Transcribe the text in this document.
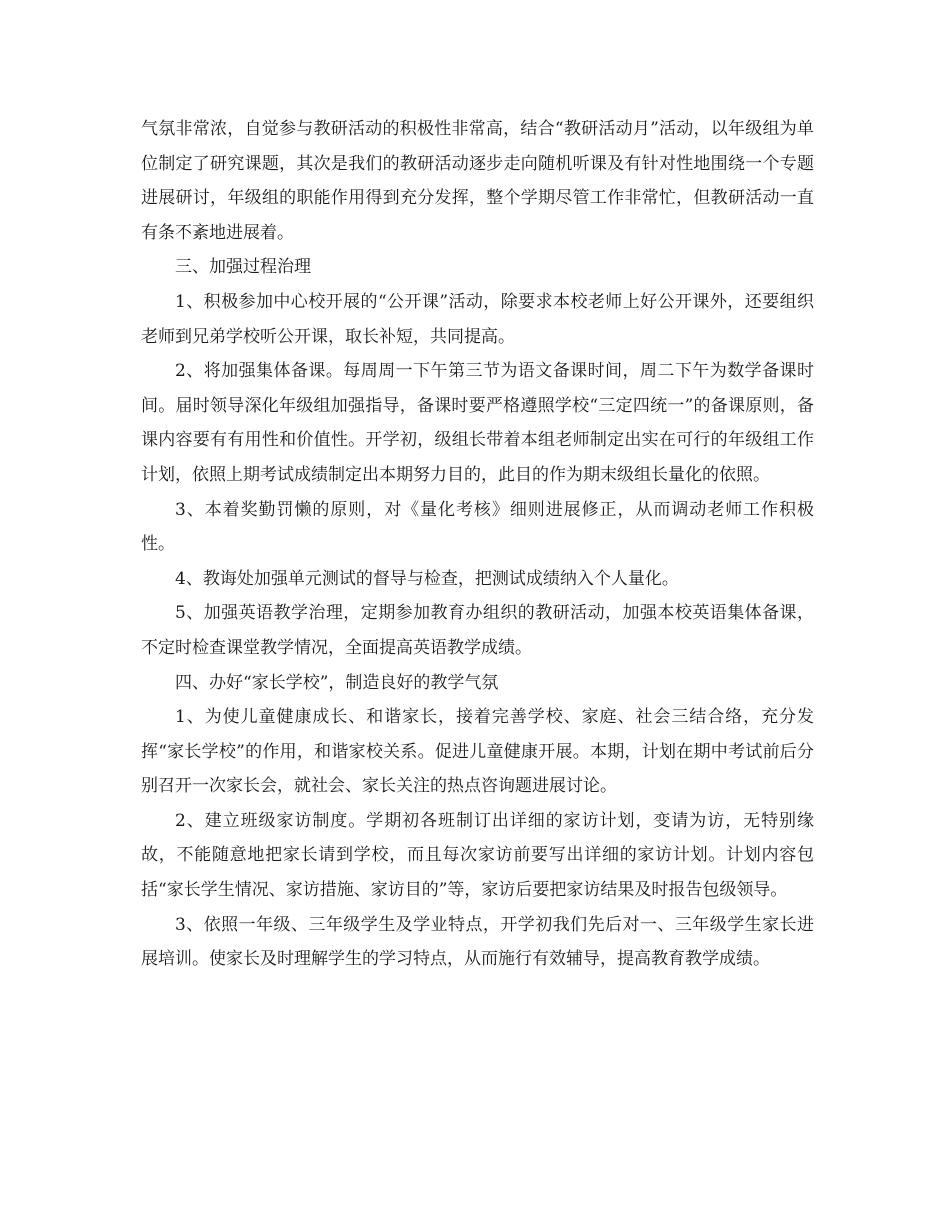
气氛非常浓，自觉参与教研活动的积极性非常高，结合“教研活动月”活动，以年级组为单位制定了研究课题，其次是我们的教研活动逐步走向随机听课及有针对性地围绕一个专题进展研讨，年级组的职能作用得到充分发挥，整个学期尽管工作非常忙，但教研活动一直有条不紊地进展着。

三、加强过程治理

1、积极参加中心校开展的“公开课”活动，除要求本校老师上好公开课外，还要组织老师到兄弟学校听公开课，取长补短，共同提高。

2、将加强集体备课。每周周一下午第三节为语文备课时间，周二下午为数学备课时间。届时领导深化年级组加强指导，备课时要严格遵照学校“三定四统一”的备课原则，备课内容要有有用性和价值性。开学初，级组长带着本组老师制定出实在可行的年级组工作计划，依照上期考试成绩制定出本期努力目的，此目的作为期末级组长量化的依照。

3、本着奖勤罚懒的原则，对《量化考核》细则进展修正，从而调动老师工作积极性。

4、教诲处加强单元测试的督导与检查，把测试成绩纳入个人量化。

5、加强英语教学治理，定期参加教育办组织的教研活动，加强本校英语集体备课，不定时检查课堂教学情况，全面提高英语教学成绩。

四、办好“家长学校”，制造良好的教学气氛

1、为使儿童健康成长、和谐家长，接着完善学校、家庭、社会三结合络，充分发挥“家长学校”的作用，和谐家校关系。促进儿童健康开展。本期，计划在期中考试前后分别召开一次家长会，就社会、家长关注的热点咨询题进展讨论。

2、建立班级家访制度。学期初各班制订出详细的家访计划，变请为访，无特别缘故，不能随意地把家长请到学校，而且每次家访前要写出详细的家访计划。计划内容包括“家长学生情况、家访措施、家访目的”等，家访后要把家访结果及时报告包级领导。

3、依照一年级、三年级学生及学业特点，开学初我们先后对一、三年级学生家长进展培训。使家长及时理解学生的学习特点，从而施行有效辅导，提高教育教学成绩。
